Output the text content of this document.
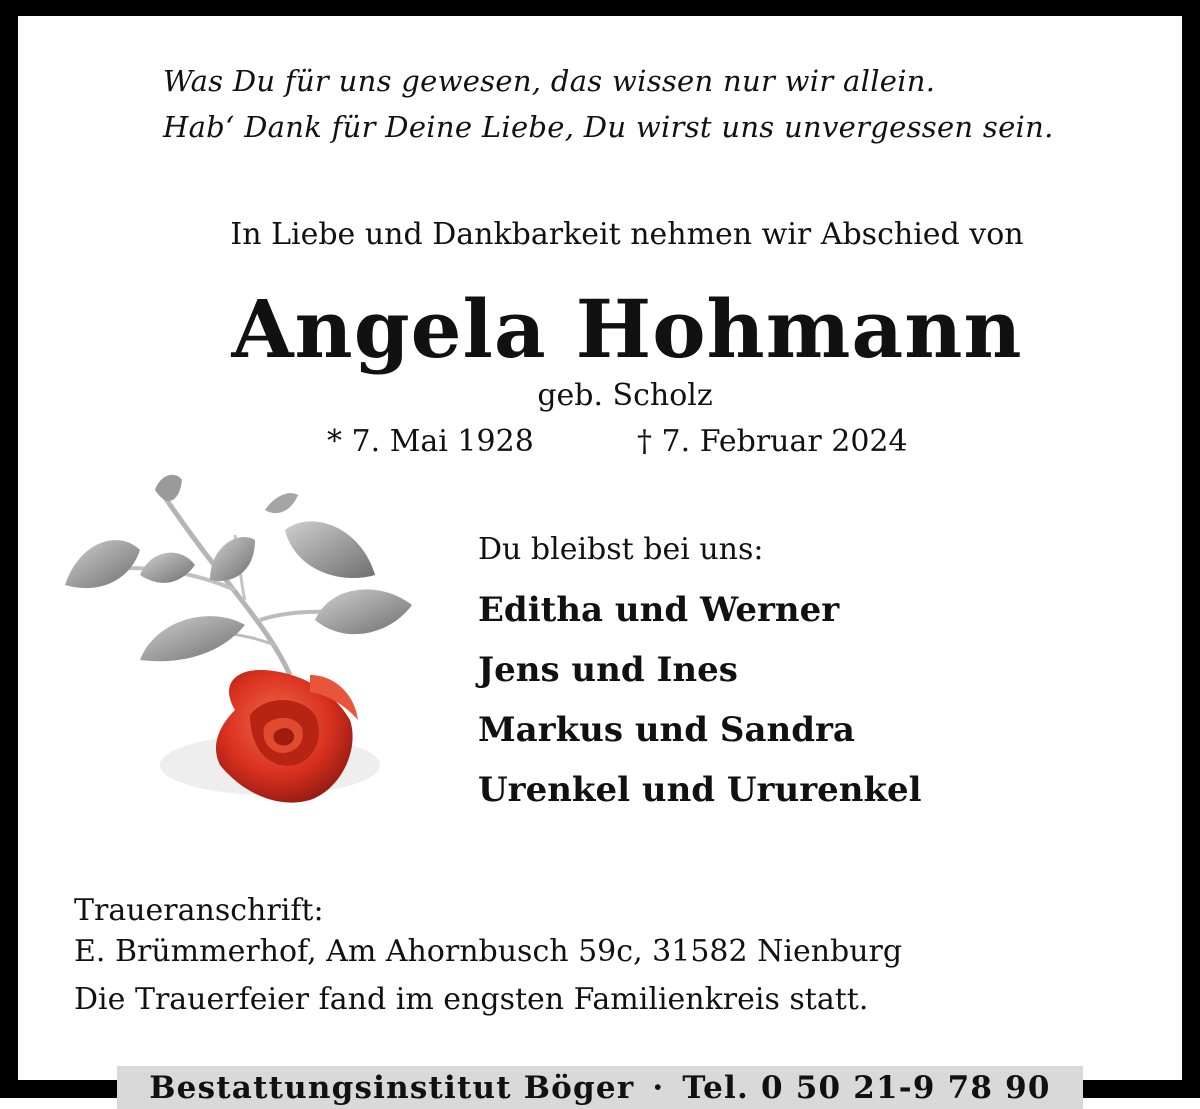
Was Du für uns gewesen, das wissen nur wir allein.
Hab‘ Dank für Deine Liebe, Du wirst uns unvergessen sein.
In Liebe und Dankbarkeit nehmen wir Abschied von
Angela Hohmann
geb. Scholz
* 7. Mai 1928	† 7. Februar 2024
Du bleibst bei uns:
Editha und Werner
Jens und Ines
Markus und Sandra
Urenkel und Ururenkel
Traueranschrift:
E. Brümmerhof, Am Ahornbusch 59c, 31582 Nienburg
Die Trauerfeier fand im engsten Familienkreis statt.
Bestattungsinstitut Böger · Tel. 0 50 21-9 78 90
